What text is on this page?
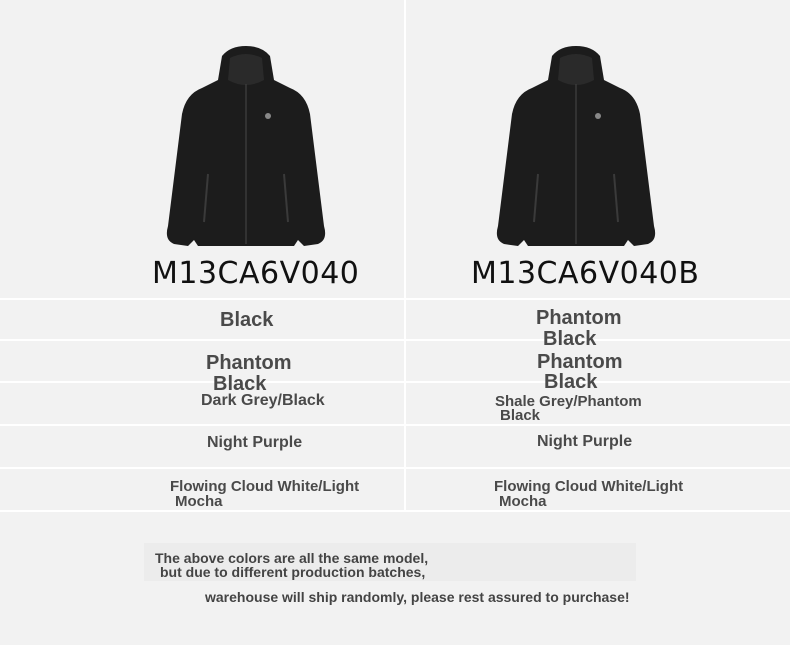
M13CA6V040	M13CA6V040B
Black
Phantom
Black
Dark Grey/Black
Night Purple
Flowing Cloud White/Light
Mocha
Phantom
Black
Phantom
Black
Shale Grey/Phantom
Black
Night Purple
Flowing Cloud White/Light
Mocha
The above colors are all the same model,
but due to different production batches,
warehouse will ship randomly, please rest assured to purchase!
